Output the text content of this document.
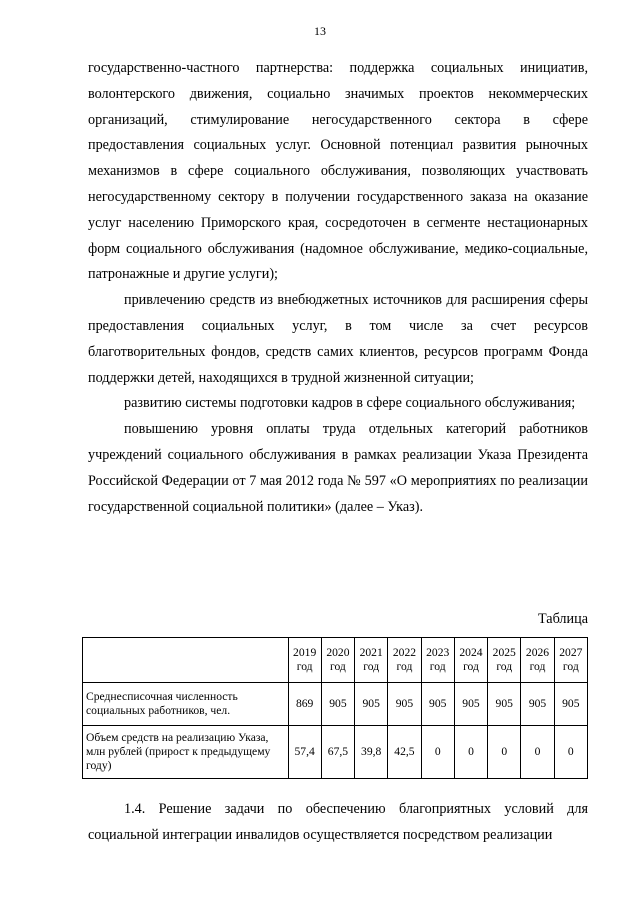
13

государственно-частного партнерства: поддержка социальных инициатив, волонтерского движения, социально значимых проектов некоммерческих организаций, стимулирование негосударственного сектора в сфере предоставления социальных услуг. Основной потенциал развития рыночных механизмов в сфере социального обслуживания, позволяющих участвовать негосударственному сектору в получении государственного заказа на оказание услуг населению Приморского края, сосредоточен в сегменте нестационарных форм социального обслуживания (надомное обслуживание, медико-социальные, патронажные и другие услуги);

привлечению средств из внебюджетных источников для расширения сферы предоставления социальных услуг, в том числе за счет ресурсов благотворительных фондов, средств самих клиентов, ресурсов программ Фонда поддержки детей, находящихся в трудной жизненной ситуации;

развитию системы подготовки кадров в сфере социального обслуживания;

повышению уровня оплаты труда отдельных категорий работников учреждений социального обслуживания в рамках реализации Указа Президента Российской Федерации от 7 мая 2012 года № 597 «О мероприятиях по реализации государственной социальной политики» (далее – Указ).

Таблица
	2019 год	2020 год	2021 год	2022 год	2023 год	2024 год	2025 год	2026 год	2027 год
Среднесписочная численность социальных работников, чел.	869	905	905	905	905	905	905	905	905
Объем средств на реализацию Указа, млн рублей (прирост к предыдущему году)	57,4	67,5	39,8	42,5	0	0	0	0	0

1.4. Решение задачи по обеспечению благоприятных условий для социальной интеграции инвалидов осуществляется посредством реализации
